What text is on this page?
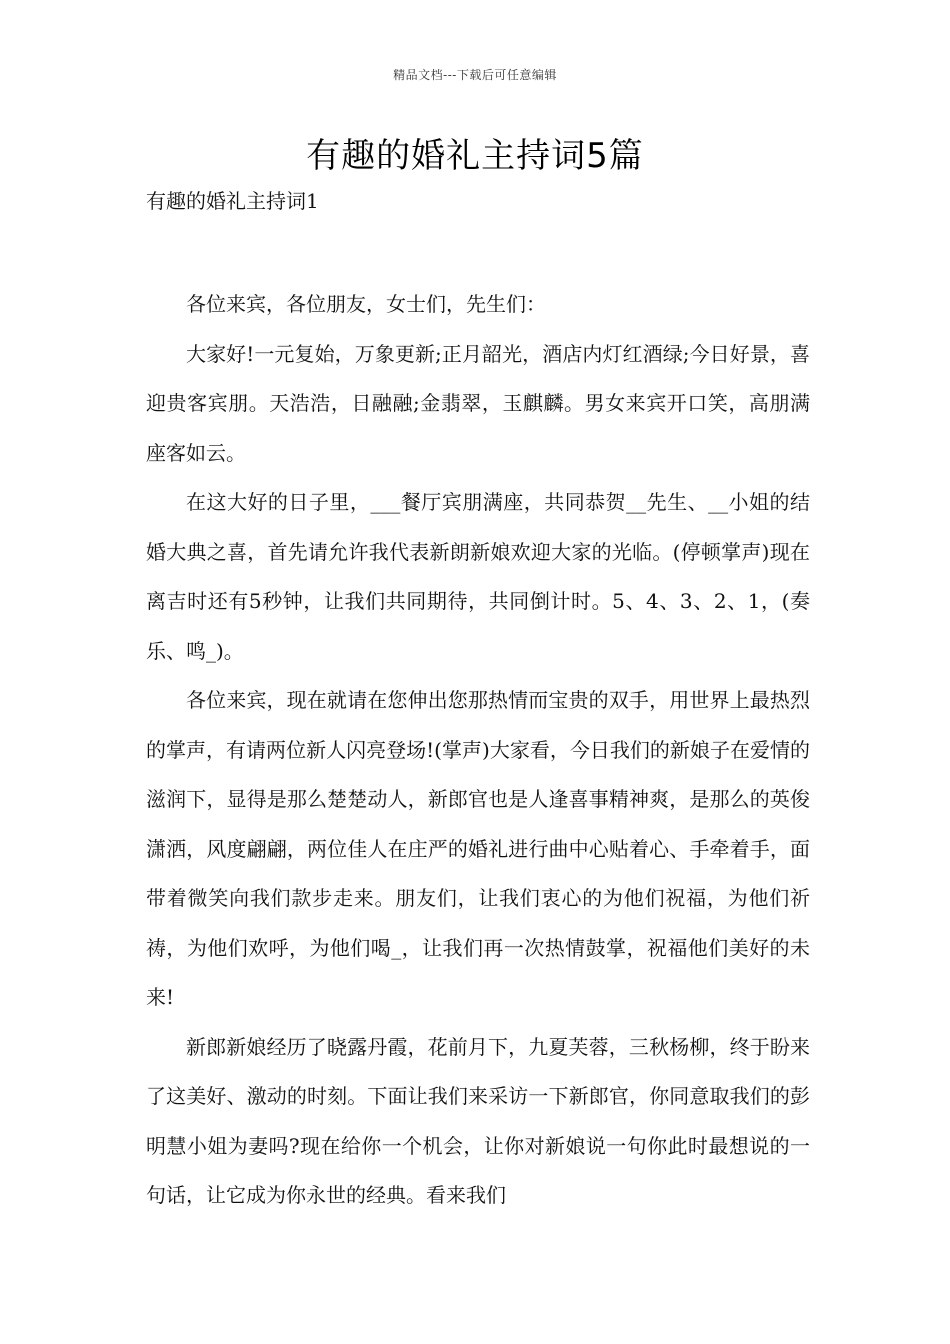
精品文档---下载后可任意编辑
有趣的婚礼主持词5篇

有趣的婚礼主持词1

各位来宾，各位朋友，女士们，先生们：

大家好!一元复始，万象更新;正月韶光，酒店内灯红酒绿;今日好景，喜迎贵客宾朋。天浩浩，日融融;金翡翠，玉麒麟。男女来宾开口笑，高朋满座客如云。

在这大好的日子里，___餐厅宾朋满座，共同恭贺__先生、__小姐的结婚大典之喜，首先请允许我代表新朗新娘欢迎大家的光临。(停顿掌声)现在离吉时还有5秒钟，让我们共同期待，共同倒计时。5、4、3、2、1，(奏乐、鸣_)。

各位来宾，现在就请在您伸出您那热情而宝贵的双手，用世界上最热烈的掌声，有请两位新人闪亮登场!(掌声)大家看，今日我们的新娘子在爱情的滋润下，显得是那么楚楚动人，新郎官也是人逢喜事精神爽，是那么的英俊潇洒，风度翩翩，两位佳人在庄严的婚礼进行曲中心贴着心、手牵着手，面带着微笑向我们款步走来。朋友们，让我们衷心的为他们祝福，为他们祈祷，为他们欢呼，为他们喝_，让我们再一次热情鼓掌，祝福他们美好的未来!

新郎新娘经历了晓露丹霞，花前月下，九夏芙蓉，三秋杨柳，终于盼来了这美好、激动的时刻。下面让我们来采访一下新郎官，你同意取我们的彭明慧小姐为妻吗?现在给你一个机会，让你对新娘说一句你此时最想说的一句话，让它成为你永世的经典。看来我们
